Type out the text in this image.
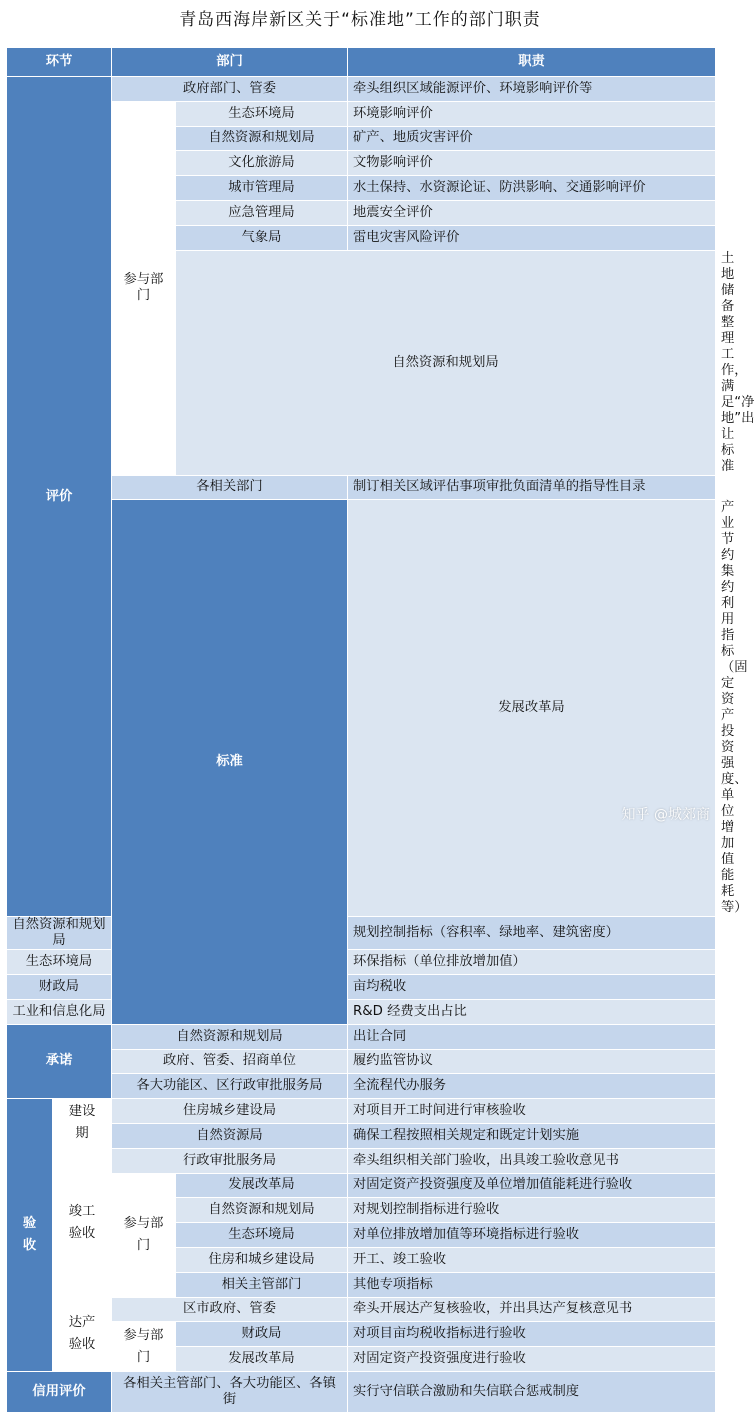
青岛西海岸新区关于“标准地”工作的部门职责
环节		部门		职责	
评价		政府部门、管委		牵头组织区域能源评价、环境影响评价等	
		参与部门	生态环境局	环境影响评价	
			自然资源和规划局	矿产、地质灾害评价	
			文化旅游局	文物影响评价	
			城市管理局	水土保持、水资源论证、防洪影响、交通影响评价	
			应急管理局	地震安全评价	
			气象局	雷电灾害风险评价	
			自然资源和规划局		土地储备整理工作，满足“净地”出让标准
		各相关部门		制订相关区域评估事项审批负面清单的指导性目录	
		标准		发展改革局	产业节约集约利用指标（固定资产投资强度、单位增加值能耗等）
自然资源和规划局				规划控制指标（容积率、绿地率、建筑密度）	
生态环境局				环保指标（单位排放增加值）	
财政局				亩均税收	
工业和信息化局				R&D 经费支出占比	
承诺		自然资源和规划局		出让合同	
		政府、管委、招商单位		履约监管协议	
		各大功能区、区行政审批服务局		全流程代办服务	
验收	建设期	住房城乡建设局		对项目开工时间进行审核验收	
		自然资源局		确保工程按照相关规定和既定计划实施	
	竣工验收	行政审批服务局		牵头组织相关部门验收，出具竣工验收意见书	
		参与部门	发展改革局	对固定资产投资强度及单位增加值能耗进行验收	
			自然资源和规划局	对规划控制指标进行验收	
			生态环境局	对单位排放增加值等环境指标进行验收	
			住房和城乡建设局	开工、竣工验收	
			相关主管部门	其他专项指标	
	达产验收	区市政府、管委		牵头开展达产复核验收，并出具达产复核意见书	
		参与部门	财政局	对项目亩均税收指标进行验收	
			发展改革局	对固定资产投资强度进行验收	
信用评价		各相关主管部门、各大功能区、各镇街		实行守信联合激励和失信联合惩戒制度	
知乎 @城郊商
